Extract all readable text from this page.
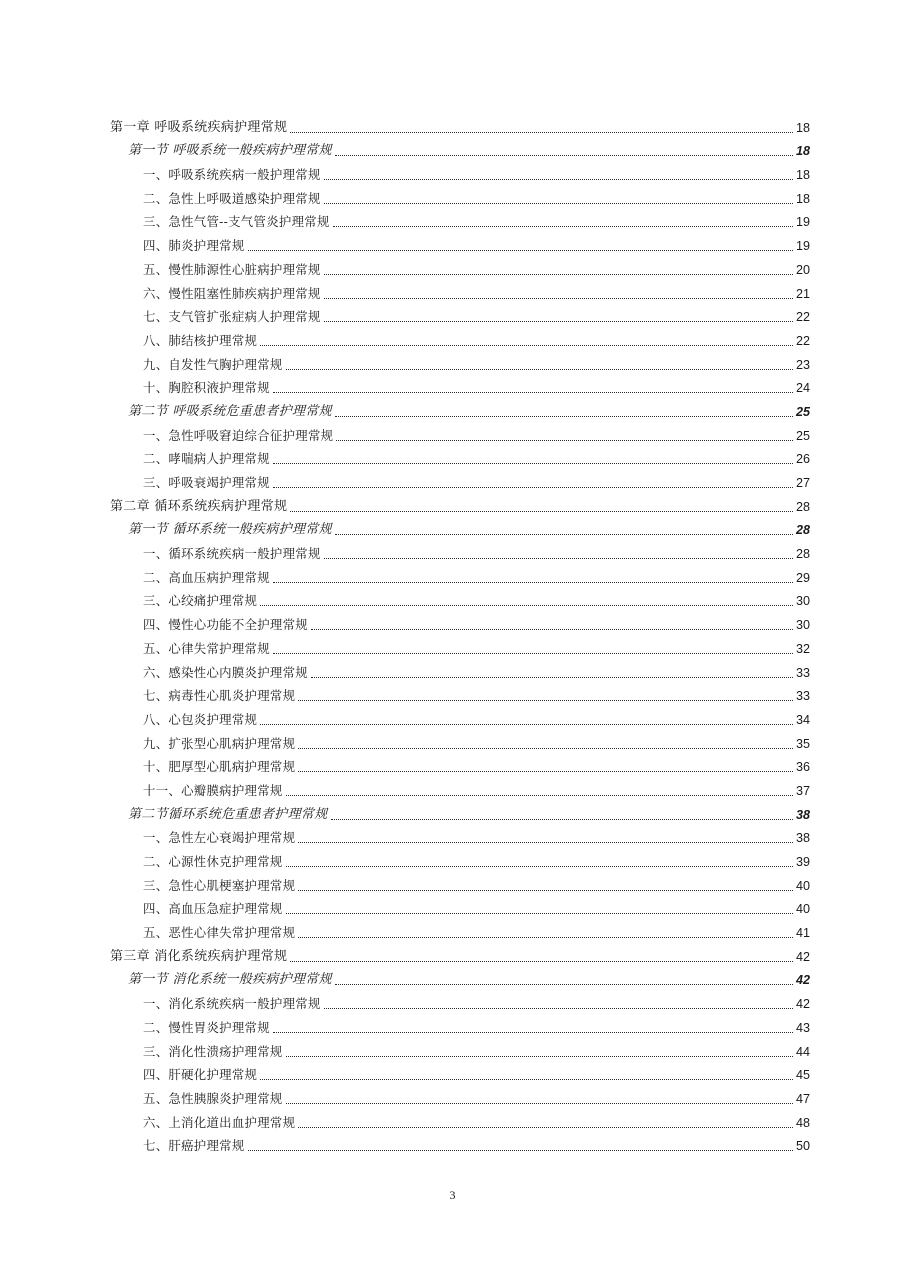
第一章 呼吸系统疾病护理常规	18
第一节 呼吸系统一般疾病护理常规	18
一、呼吸系统疾病一般护理常规	18
二、急性上呼吸道感染护理常规	18
三、急性气管--支气管炎护理常规	19
四、肺炎护理常规	19
五、慢性肺源性心脏病护理常规	20
六、慢性阻塞性肺疾病护理常规	21
七、支气管扩张症病人护理常规	22
八、肺结核护理常规	22
九、自发性气胸护理常规	23
十、胸腔积液护理常规	24
第二节 呼吸系统危重患者护理常规	25
一、急性呼吸窘迫综合征护理常规	25
二、哮喘病人护理常规	26
三、呼吸衰竭护理常规	27
第二章 循环系统疾病护理常规	28
第一节 循环系统一般疾病护理常规	28
一、循环系统疾病一般护理常规	28
二、高血压病护理常规	29
三、心绞痛护理常规	30
四、慢性心功能不全护理常规	30
五、心律失常护理常规	32
六、感染性心内膜炎护理常规	33
七、病毒性心肌炎护理常规	33
八、心包炎护理常规	34
九、扩张型心肌病护理常规	35
十、肥厚型心肌病护理常规	36
十一、心瓣膜病护理常规	37
第二节循环系统危重患者护理常规	38
一、急性左心衰竭护理常规	38
二、心源性休克护理常规	39
三、急性心肌梗塞护理常规	40
四、高血压急症护理常规	40
五、恶性心律失常护理常规	41
第三章 消化系统疾病护理常规	42
第一节 消化系统一般疾病护理常规	42
一、消化系统疾病一般护理常规	42
二、慢性胃炎护理常规	43
三、消化性溃疡护理常规	44
四、肝硬化护理常规	45
五、急性胰腺炎护理常规	47
六、上消化道出血护理常规	48
七、肝癌护理常规	50
3
